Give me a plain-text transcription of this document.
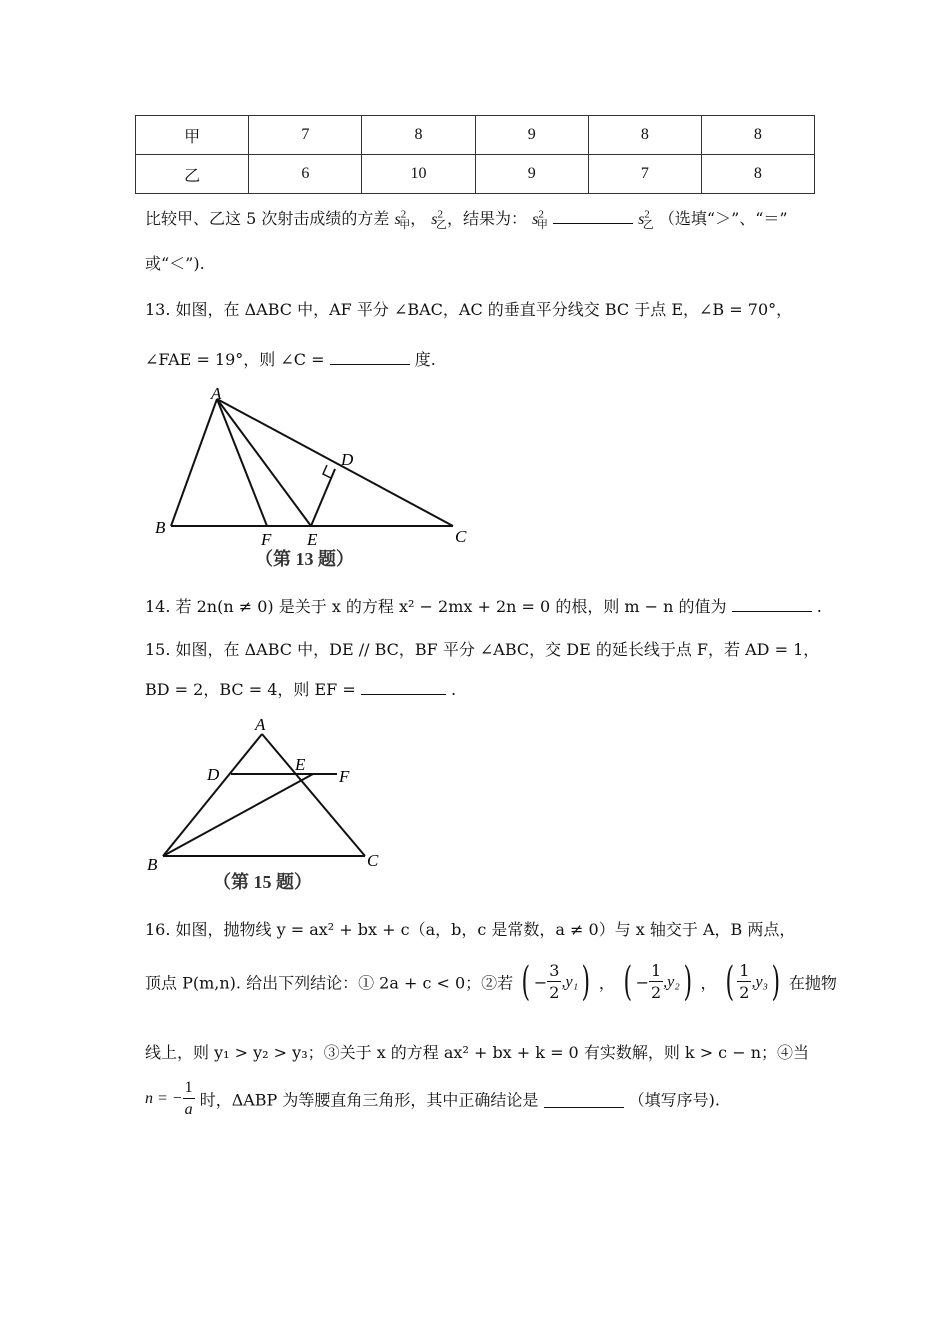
甲	7	8	9	8	8
乙	6	10	9	7	8
比较甲、乙这 5 次射击成绩的方差 $s^2_甲$， $s^2_乙$，结果为： $s^2_甲$	$s^2_乙$ （选填“＞”、“＝”
或“＜”).
13. 如图，在 ΔABC 中，AF 平分 ∠BAC，AC 的垂直平分线交 BC 于点 E，∠B = 70°，
∠FAE = 19°，则 ∠C =	度.
A
B	C
D
E
F
（第 13 题）
14. 若 2n(n ≠ 0) 是关于 x 的方程 x² − 2mx + 2n = 0 的根，则 m − n 的值为	.
15. 如图，在 ΔABC 中，DE // BC，BF 平分 ∠ABC，交 DE 的延长线于点 F，若 AD = 1，
BD = 2，BC = 4，则 EF =	.
A
B	C
D
E
F
（第 15 题）
16. 如图，抛物线 y = ax² + bx + c（a，b，c 是常数，a ≠ 0）与 x 轴交于 A，B 两点，
顶点 P(m,n). 给出下列结论：① 2a + c < 0；②若 ( − $\frac{3}{2} ,y_1$) ， ( − $\frac{1}{2} ,y_2$) ， ( $\frac{1}{2} ,y_3$) 在抛物
线上，则 y₁ > y₂ > y₃；③关于 x 的方程 ax² + bx + k = 0 有实数解，则 k > c − n；④当
n = − $\frac{1}{a}$ 时，ΔABP 为等腰直角三角形，其中正确结论是	（填写序号).
